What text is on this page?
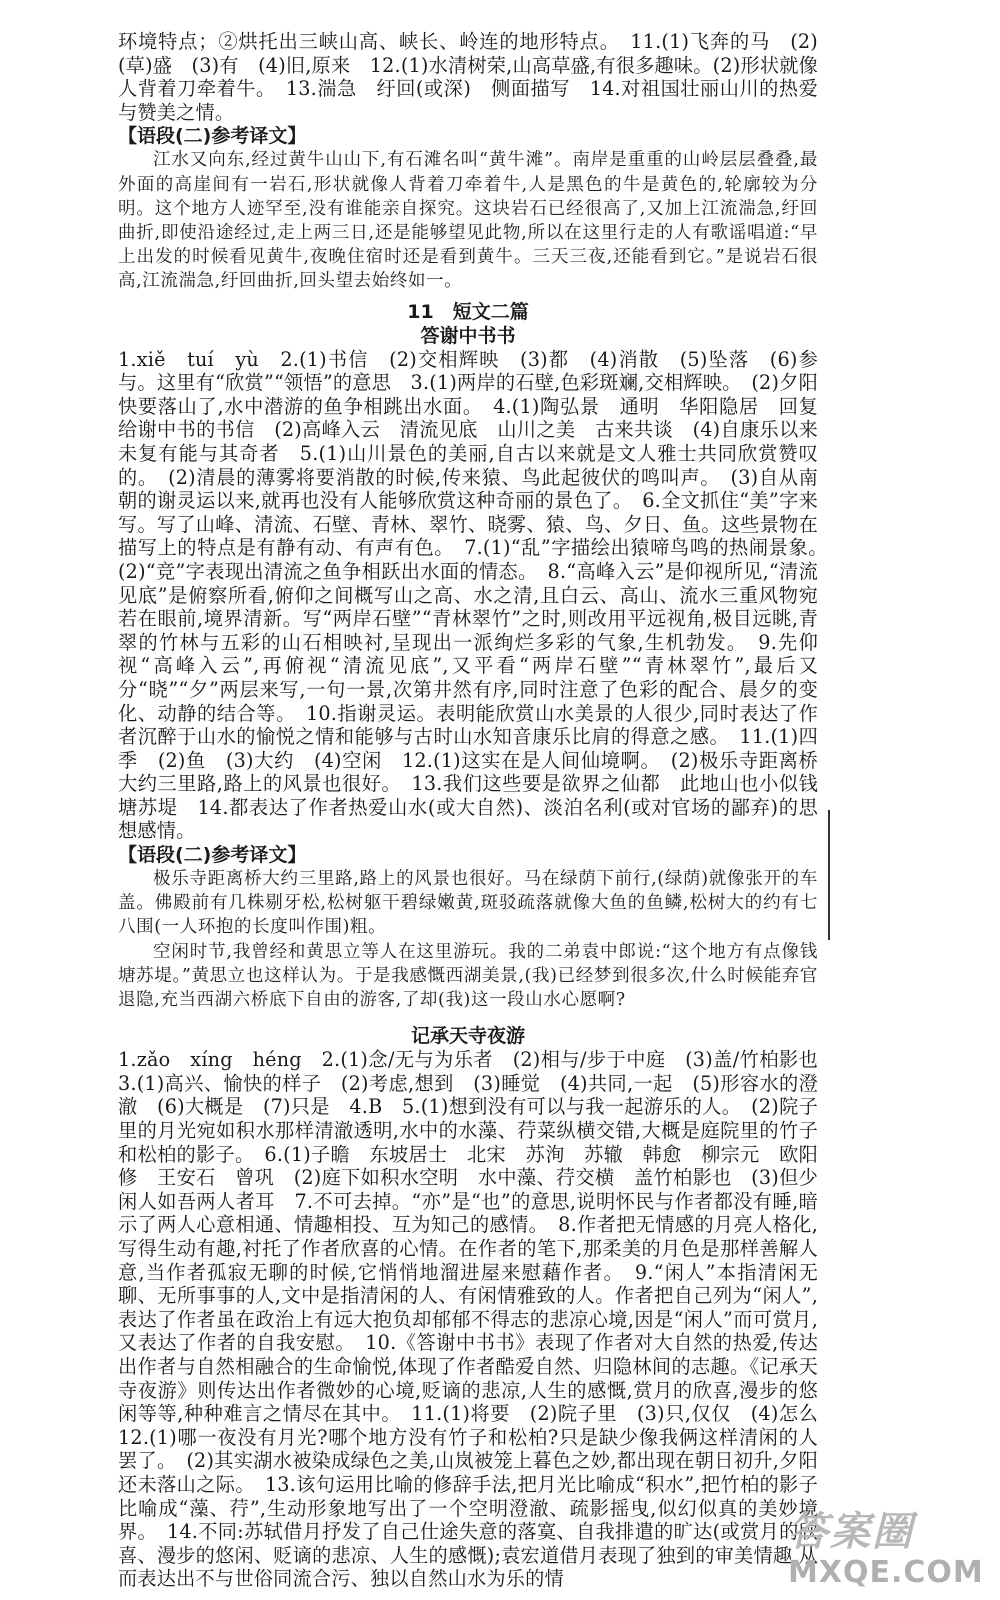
环境特点；②烘托出三峡山高、峡长、岭连的地形特点。　11.(1)飞奔的马　(2)(草)盛　(3)有　(4)旧,原来　12.(1)水清树荣,山高草盛,有很多趣味。(2)形状就像人背着刀牵着牛。　13.湍急　纡回(或深)　侧面描写　14.对祖国壮丽山川的热爱与赞美之情。

【语段(二)参考译文】

江水又向东,经过黄牛山山下,有石滩名叫“黄牛滩”。南岸是重重的山岭层层叠叠,最外面的高崖间有一岩石,形状就像人背着刀牵着牛,人是黑色的牛是黄色的,轮廓较为分明。这个地方人迹罕至,没有谁能亲自探究。这块岩石已经很高了,又加上江流湍急,纡回曲折,即使沿途经过,走上两三日,还是能够望见此物,所以在这里行走的人有歌谣唱道:“早上出发的时候看见黄牛,夜晚住宿时还是看到黄牛。三天三夜,还能看到它。”是说岩石很高,江流湍急,纡回曲折,回头望去始终如一。

11　短文二篇

答谢中书书

1.xiě　tuí　yù　2.(1)书信　(2)交相辉映　(3)都　(4)消散　(5)坠落　(6)参与。这里有“欣赏”“领悟”的意思　3.(1)两岸的石壁,色彩斑斓,交相辉映。　(2)夕阳快要落山了,水中潜游的鱼争相跳出水面。　4.(1)陶弘景　通明　华阳隐居　回复给谢中书的书信　(2)高峰入云　清流见底　山川之美　古来共谈　(4)自康乐以来　未复有能与其奇者　5.(1)山川景色的美丽,自古以来就是文人雅士共同欣赏赞叹的。　(2)清晨的薄雾将要消散的时候,传来猿、鸟此起彼伏的鸣叫声。　(3)自从南朝的谢灵运以来,就再也没有人能够欣赏这种奇丽的景色了。　6.全文抓住“美”字来写。写了山峰、清流、石壁、青林、翠竹、晓雾、猿、鸟、夕日、鱼。这些景物在描写上的特点是有静有动、有声有色。　7.(1)“乱”字描绘出猿啼鸟鸣的热闹景象。　(2)“竞”字表现出清流之鱼争相跃出水面的情态。　8.“高峰入云”是仰视所见,“清流见底”是俯察所看,俯仰之间概写山之高、水之清,且白云、高山、流水三重风物宛若在眼前,境界清新。写“两岸石壁”“青林翠竹”之时,则改用平远视角,极目远眺,青翠的竹林与五彩的山石相映衬,呈现出一派绚烂多彩的气象,生机勃发。　9.先仰视“高峰入云”,再俯视“清流见底”,又平看“两岸石壁”“青林翠竹”,最后又分“晓”“夕”两层来写,一句一景,次第井然有序,同时注意了色彩的配合、晨夕的变化、动静的结合等。　10.指谢灵运。表明能欣赏山水美景的人很少,同时表达了作者沉醉于山水的愉悦之情和能够与古时山水知音康乐比肩的得意之感。　11.(1)四季　(2)鱼　(3)大约　(4)空闲　12.(1)这实在是人间仙境啊。　(2)极乐寺距离桥大约三里路,路上的风景也很好。　13.我们这些要是欲界之仙都　此地山也小似钱塘苏堤　14.都表达了作者热爱山水(或大自然)、淡泊名利(或对官场的鄙弃)的思想感情。

【语段(二)参考译文】

极乐寺距离桥大约三里路,路上的风景也很好。马在绿荫下前行,(绿荫)就像张开的车盖。佛殿前有几株剔牙松,松树躯干碧绿嫩黄,斑驳疏落就像大鱼的鱼鳞,松树大的约有七八围(一人环抱的长度叫作围)粗。

空闲时节,我曾经和黄思立等人在这里游玩。我的二弟袁中郎说:“这个地方有点像钱塘苏堤。”黄思立也这样认为。于是我感慨西湖美景,(我)已经梦到很多次,什么时候能弃官退隐,充当西湖六桥底下自由的游客,了却(我)这一段山水心愿啊?

记承天寺夜游

1.zǎo　xíng　héng　2.(1)念/无与为乐者　(2)相与/步于中庭　(3)盖/竹柏影也　3.(1)高兴、愉快的样子　(2)考虑,想到　(3)睡觉　(4)共同,一起　(5)形容水的澄澈　(6)大概是　(7)只是　4.B　5.(1)想到没有可以与我一起游乐的人。　(2)院子里的月光宛如积水那样清澈透明,水中的水藻、荇菜纵横交错,大概是庭院里的竹子和松柏的影子。　6.(1)子瞻　东坡居士　北宋　苏洵　苏辙　韩愈　柳宗元　欧阳修　王安石　曾巩　(2)庭下如积水空明　水中藻、荇交横　盖竹柏影也　(3)但少闲人如吾两人者耳　7.不可去掉。“亦”是“也”的意思,说明怀民与作者都没有睡,暗示了两人心意相通、情趣相投、互为知己的感情。　8.作者把无情感的月亮人格化,写得生动有趣,衬托了作者欣喜的心情。在作者的笔下,那柔美的月色是那样善解人意,当作者孤寂无聊的时候,它悄悄地溜进屋来慰藉作者。　9.“闲人”本指清闲无聊、无所事事的人,文中是指清闲的人、有闲情雅致的人。作者把自己列为“闲人”,表达了作者虽在政治上有远大抱负却郁郁不得志的悲凉心境,因是“闲人”而可赏月,又表达了作者的自我安慰。　10.《答谢中书书》表现了作者对大自然的热爱,传达出作者与自然相融合的生命愉悦,体现了作者酷爱自然、归隐林间的志趣。《记承天寺夜游》则传达出作者微妙的心境,贬谪的悲凉,人生的感慨,赏月的欣喜,漫步的悠闲等等,种种难言之情尽在其中。　11.(1)将要　(2)院子里　(3)只,仅仅　(4)怎么　12.(1)哪一夜没有月光?哪个地方没有竹子和松柏?只是缺少像我俩这样清闲的人罢了。　(2)其实湖水被染成绿色之美,山岚被笼上暮色之妙,都出现在朝日初升,夕阳还未落山之际。　13.该句运用比喻的修辞手法,把月光比喻成“积水”,把竹柏的影子比喻成“藻、荇”,生动形象地写出了一个空明澄澈、疏影摇曳,似幻似真的美妙境界。　14.不同:苏轼借月抒发了自己仕途失意的落寞、自我排遣的旷达(或赏月的欣喜、漫步的悠闲、贬谪的悲凉、人生的感慨);袁宏道借月表现了独到的审美情趣,从而表达出不与世俗同流合污、独以自然山水为乐的情

答案圈
MXQE.COM
